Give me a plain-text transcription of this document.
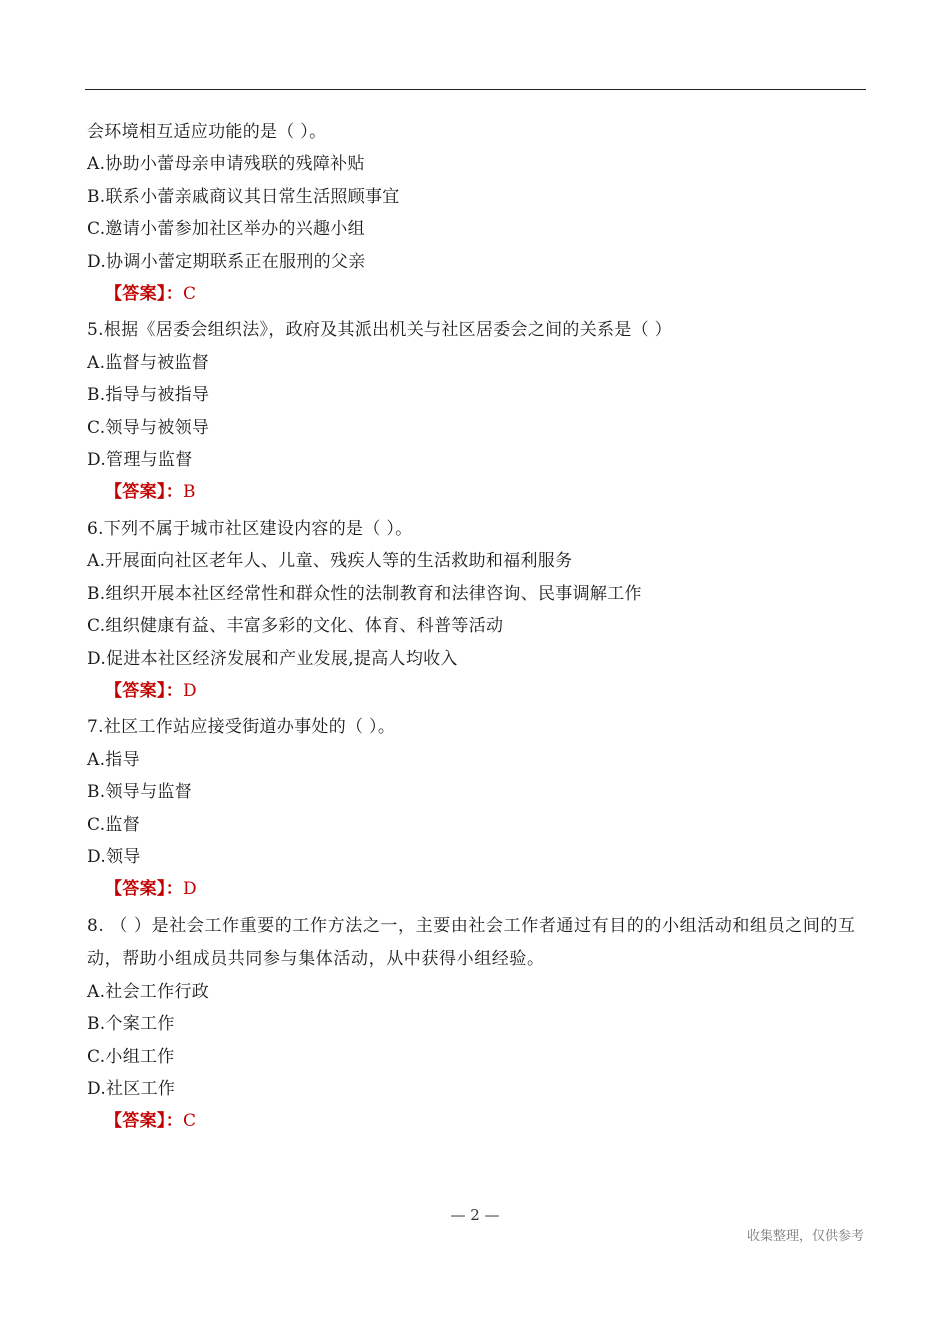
会环境相互适应功能的是（ ）。
A.协助小蕾母亲申请残联的残障补贴
B.联系小蕾亲戚商议其日常生活照顾事宜
C.邀请小蕾参加社区举办的兴趣小组
D.协调小蕾定期联系正在服刑的父亲
【答案】：C
5.根据《居委会组织法》，政府及其派出机关与社区居委会之间的关系是（ ）
A.监督与被监督
B.指导与被指导
C.领导与被领导
D.管理与监督
【答案】：B
6.下列不属于城市社区建设内容的是（ ）。
A.开展面向社区老年人、儿童、残疾人等的生活救助和福利服务
B.组织开展本社区经常性和群众性的法制教育和法律咨询、民事调解工作
C.组织健康有益、丰富多彩的文化、体育、科普等活动
D.促进本社区经济发展和产业发展,提高人均收入
【答案】：D
7.社区工作站应接受街道办事处的（ ）。
A.指导
B.领导与监督
C.监督
D.领导
【答案】：D
8. （ ）是社会工作重要的工作方法之一，主要由社会工作者通过有目的的小组活动和组员之间的互动，帮助小组成员共同参与集体活动，从中获得小组经验。
A.社会工作行政
B.个案工作
C.小组工作
D.社区工作
【答案】：C
— 2 —
收集整理，仅供参考
